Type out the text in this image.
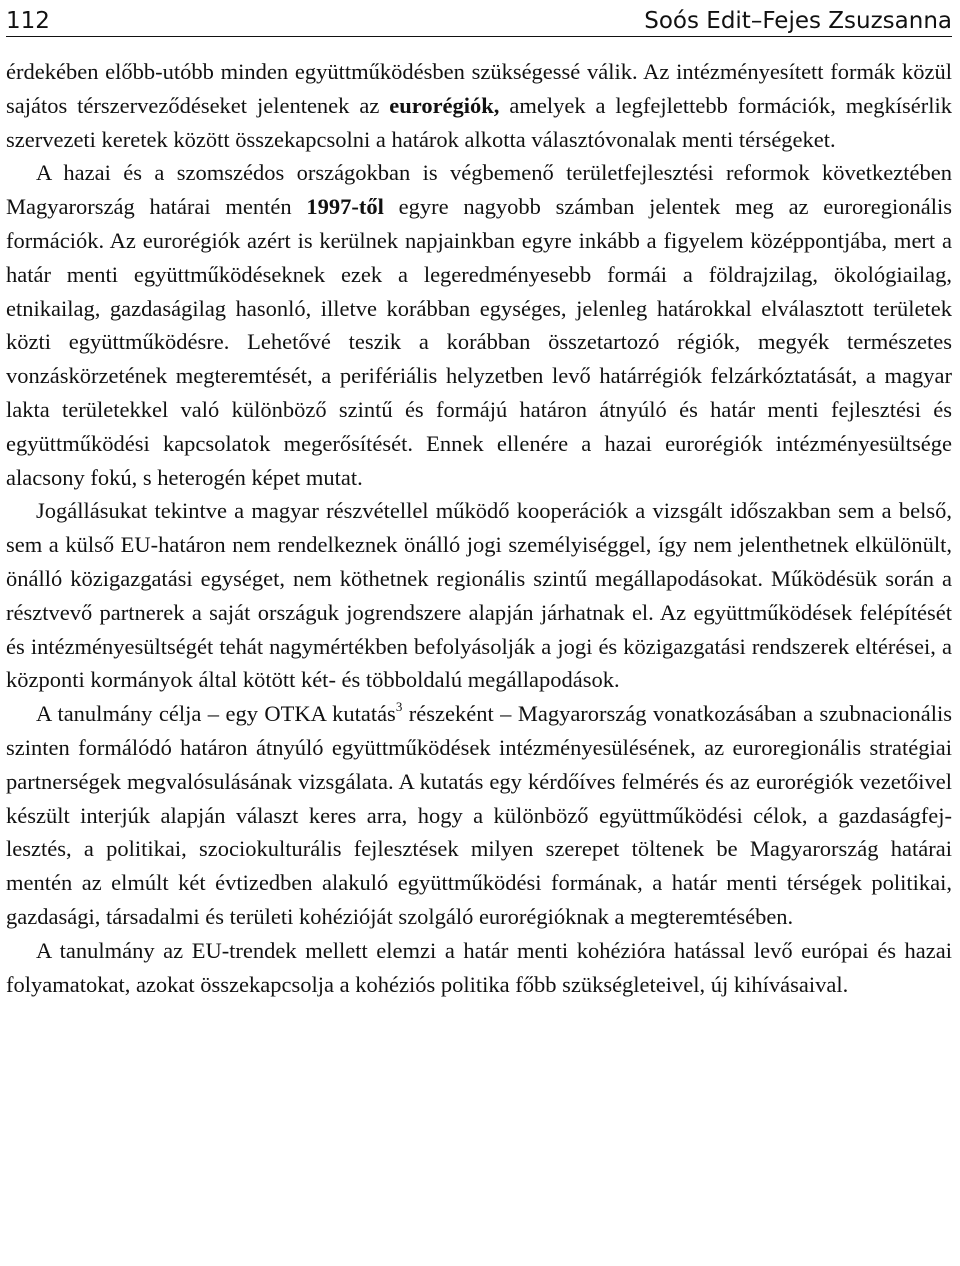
112	Soós Edit–Fejes Zsuzsanna

érdekében előbb-utóbb minden együttműködésben szükségessé válik. Az intézményesített formák közül sajátos térszerveződéseket jelentenek az eurorégiók, amelyek a legfejlettebb formációk, megkísérlik szervezeti keretek között összekapcsolni a határok alkotta választóvonalak menti térségeket.

A hazai és a szomszédos országokban is végbemenő területfejlesztési reformok következtében Magyarország határai mentén 1997-től egyre nagyobb számban jelentek meg az euroregionális formációk. Az eurorégiók azért is kerülnek napjainkban egyre inkább a figyelem középpontjába, mert a határ menti együttműködéseknek ezek a legeredményesebb formái a földrajzilag, ökológiailag, etnikailag, gazdaságilag hasonló, illetve korábban egységes, jelenleg határokkal elválasztott területek közti együttműködésre. Lehetővé teszik a korábban összetartozó régiók, megyék természetes vonzáskörzetének megteremtését, a perifériális helyzetben levő határrégiók felzárkóztatását, a magyar lakta területekkel való különböző szintű és formájú határon átnyúló és határ menti fejlesztési és együttműködési kapcsolatok megerősítését. Ennek ellenére a hazai eurorégiók intézményesültsége alacsony fokú, s heterogén képet mutat.

Jogállásukat tekintve a magyar részvétellel működő kooperációk a vizsgált időszakban sem a belső, sem a külső EU-határon nem rendelkeznek önálló jogi személyiséggel, így nem jelenthetnek elkülönült, önálló közigazgatási egységet, nem köthetnek regionális szintű megállapodásokat. Működésük során a résztvevő partnerek a saját országuk jogrendszere alapján járhatnak el. Az együttműködések felépítését és intézményesültségét tehát nagymértékben befolyásolják a jogi és közigazgatási rendszerek eltérései, a központi kormányok által kötött két- és többoldalú megállapodások.

A tanulmány célja – egy OTKA kutatás$^3$ részeként – Magyarország vonatkozásában a szubnacionális szinten formálódó határon átnyúló együttműködések intézményesülésének, az euroregionális stratégiai partnerségek megvalósulásának vizsgálata. A kutatás egy kérdőíves felmérés és az eurorégiók vezetőivel készült interjúk alapján választ keres arra, hogy a különböző együttműködési célok, a gazdaságfejlesztés, a politikai, szociokulturális fejlesztések milyen szerepet töltenek be Magyarország határai mentén az elmúlt két évtizedben alakuló együttműködési formának, a határ menti térségek politikai, gazdasági, társadalmi és területi kohézióját szolgáló eurorégióknak a megteremtésében.

A tanulmány az EU-trendek mellett elemzi a határ menti kohézióra hatással levő európai és hazai folyamatokat, azokat összekapcsolja a kohéziós politika főbb szükségleteivel, új kihívásaival.
